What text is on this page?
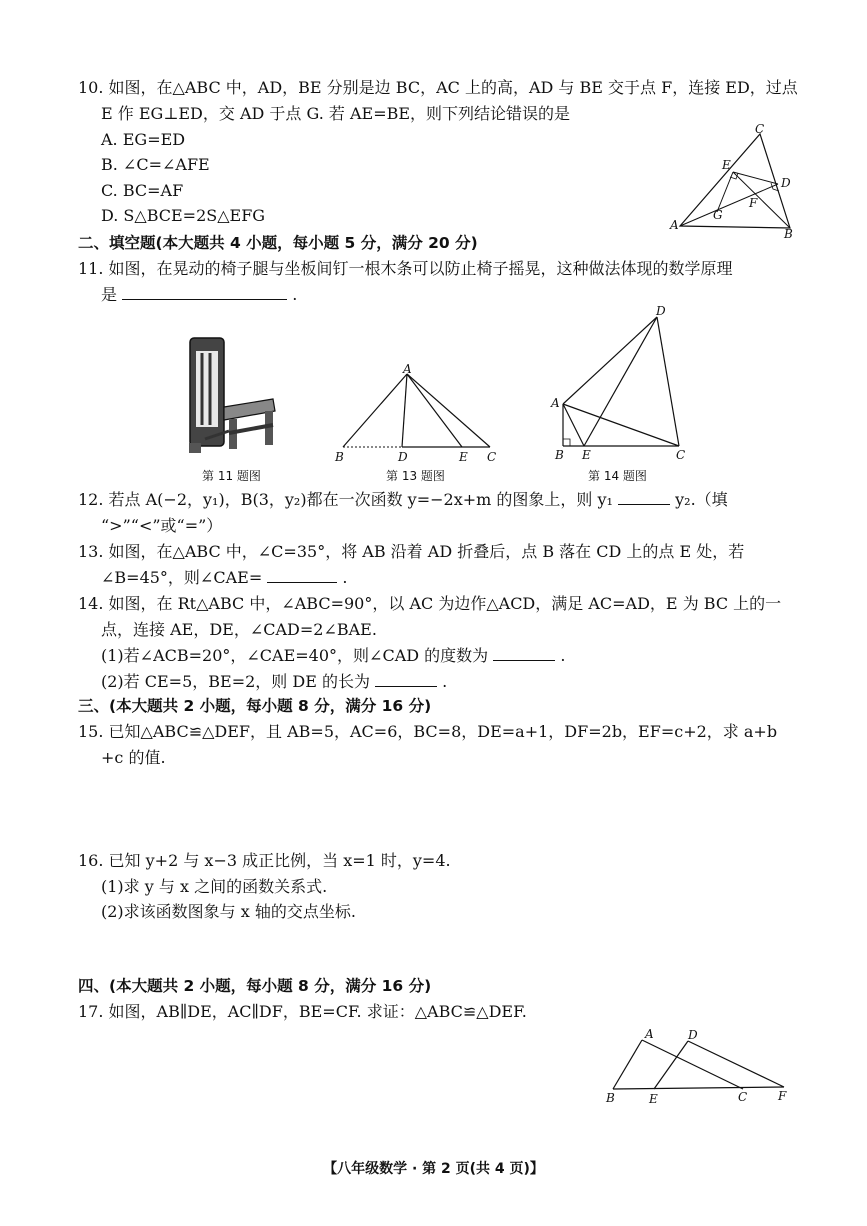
10. 如图，在△ABC 中，AD，BE 分别是边 BC，AC 上的高，AD 与 BE 交于点 F，连接 ED，过点
E 作 EG⊥ED，交 AD 于点 G. 若 AE=BE，则下列结论错误的是
A. EG=ED
B. ∠C=∠AFE
C. BC=AF
D. S△BCE=2S△EFG	A
B
C
D
E
F
G
二、填空题(本大题共 4 小题，每小题 5 分，满分 20 分)
11. 如图，在晃动的椅子腿与坐板间钉一根木条可以防止椅子摇晃，这种做法体现的数学原理
是	.
第 11 题图
A
B	C
D	E
第 13 题图
A
B	C
D
E
第 14 题图
12. 若点 A(−2，y₁)，B(3，y₂)都在一次函数 y=−2x+m 的图象上，则 y₁	y₂.（填
“>”“<”或“=”）
13. 如图，在△ABC 中，∠C=35°，将 AB 沿着 AD 折叠后，点 B 落在 CD 上的点 E 处，若
∠B=45°，则∠CAE=	.
14. 如图，在 Rt△ABC 中，∠ABC=90°，以 AC 为边作△ACD，满足 AC=AD，E 为 BC 上的一
点，连接 AE，DE，∠CAD=2∠BAE.
(1)若∠ACB=20°，∠CAE=40°，则∠CAD 的度数为	.
(2)若 CE=5，BE=2，则 DE 的长为	.
三、(本大题共 2 小题，每小题 8 分，满分 16 分)
15. 已知△ABC≌△DEF，且 AB=5，AC=6，BC=8，DE=a+1，DF=2b，EF=c+2，求 a+b
+c 的值.
16. 已知 y+2 与 x−3 成正比例，当 x=1 时，y=4.
(1)求 y 与 x 之间的函数关系式.
(2)求该函数图象与 x 轴的交点坐标.
四、(本大题共 2 小题，每小题 8 分，满分 16 分)
17. 如图，AB∥DE，AC∥DF，BE=CF. 求证：△ABC≌△DEF.
A
B	C
D
E	F
【八年级数学 · 第 2 页(共 4 页)】
